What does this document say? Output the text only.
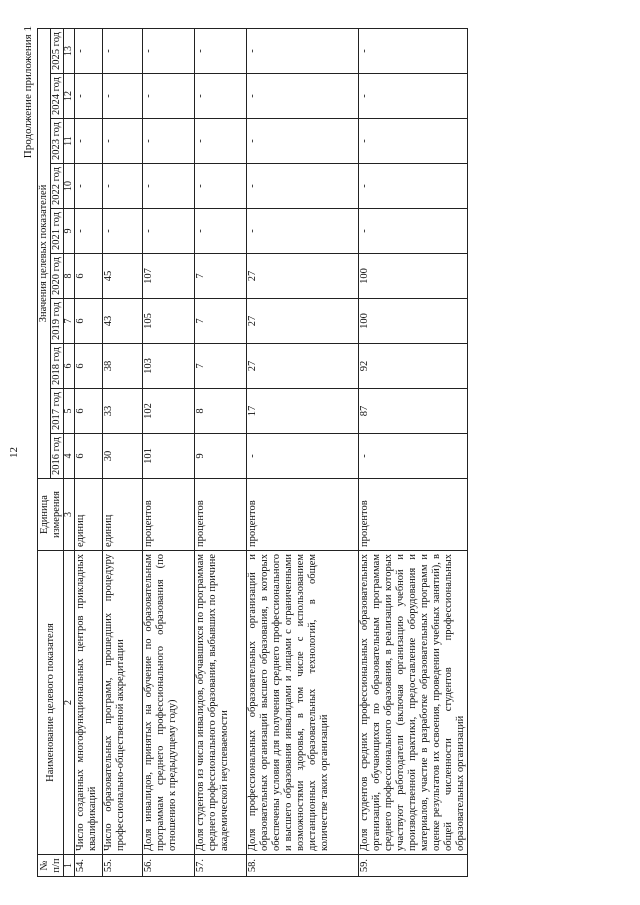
12
Продолжение приложения 1
№ п/п	Наименование целевого показателя	Единица измерения	Значения целевых показателей									
			2016 год	2017 год	2018 год	2019 год	2020 год	2021 год	2022 год	2023 год	2024 год	2025 год
1	2	3	4	5	6	7	8	9	10	11	12	13
54.	Число созданных многофункциональных центров прикладных квалификаций	единиц	6	6	6	6	6	-	-	-	-	-
55.	Число образовательных программ, прошедших процедуру профессионально-общественной аккредитации	единиц	30	33	38	43	45	-	-	-	-	-
56.	Доля инвалидов, принятых на обучение по образовательным программам среднего профессионального образования (по отношению к предыдущему году)	процентов	101	102	103	105	107	-	-	-	-	-
57.	Доля студентов из числа инвалидов, обучавшихся по программам среднего профессионального образования, выбывших по причине академической неуспеваемости	процентов	9	8	7	7	7	-	-	-	-	-
58.	Доля профессиональных образовательных организаций и образовательных организаций высшего образования, в которых обеспечены условия для получения среднего профессионального и высшего образования инвалидами и лицами с ограниченными возможностями здоровья, в том числе с использованием дистанционных образовательных технологий, в общем количестве таких организаций	процентов	-	17	27	27	27	-	-	-	-	-
59.	Доля студентов средних профессиональных образовательных организаций, обучающихся по образовательным программам среднего профессионального образования, в реализации которых участвуют работодатели (включая организацию учебной и производственной практики, предоставление оборудования и материалов, участие в разработке образовательных программ и оценке результатов их освоения, проведении учебных занятий), в общей численности студентов профессиональных образовательных организаций	процентов	-	87	92	100	100	-	-	-	-	-
